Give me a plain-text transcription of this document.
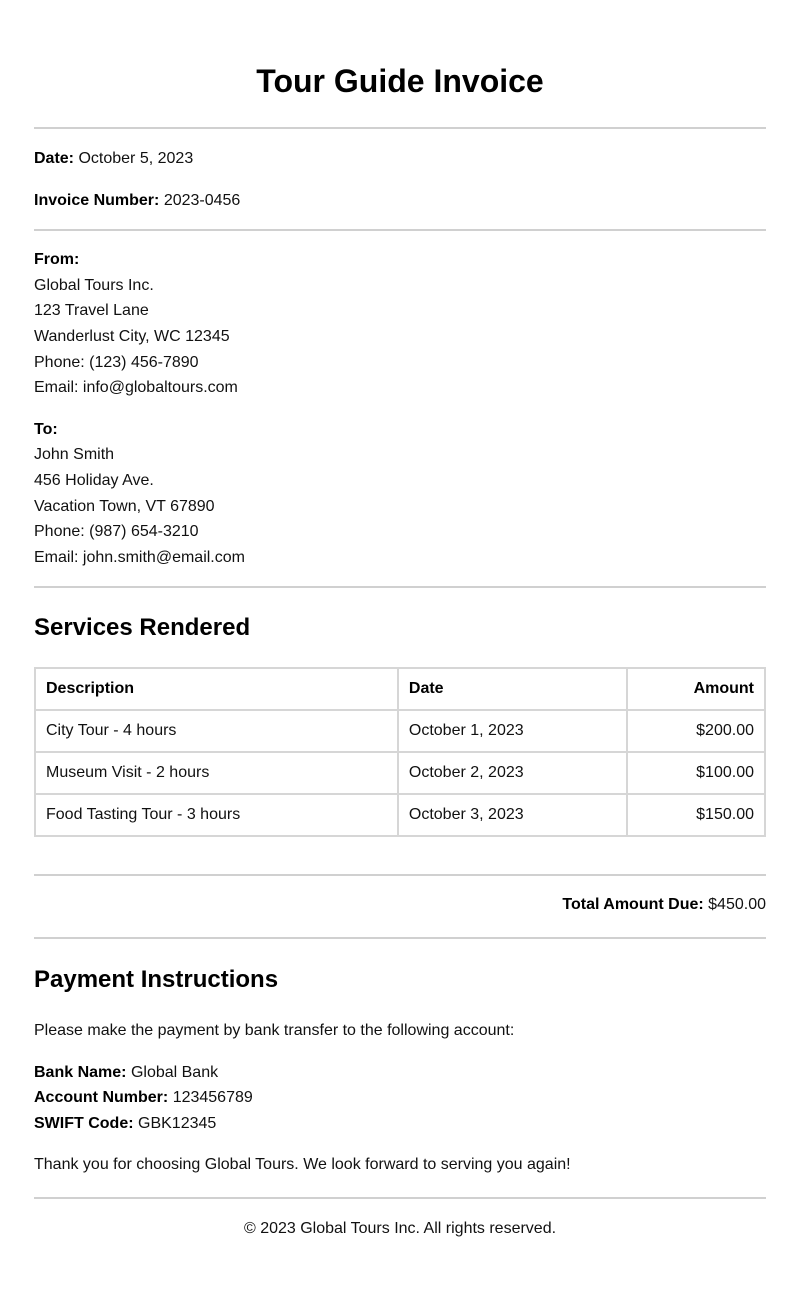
Tour Guide Invoice
Date: October 5, 2023
Invoice Number: 2023-0456
From:
Global Tours Inc.
123 Travel Lane
Wanderlust City, WC 12345
Phone: (123) 456-7890
Email: info@globaltours.com
To:
John Smith
456 Holiday Ave.
Vacation Town, VT 67890
Phone: (987) 654-3210
Email: john.smith@email.com
Services Rendered
Description	Date	Amount
City Tour - 4 hours	October 1, 2023	$200.00
Museum Visit - 2 hours	October 2, 2023	$100.00
Food Tasting Tour - 3 hours	October 3, 2023	$150.00
Total Amount Due: $450.00
Payment Instructions
Please make the payment by bank transfer to the following account:
Bank Name: Global Bank
Account Number: 123456789
SWIFT Code: GBK12345
Thank you for choosing Global Tours. We look forward to serving you again!
© 2023 Global Tours Inc. All rights reserved.
